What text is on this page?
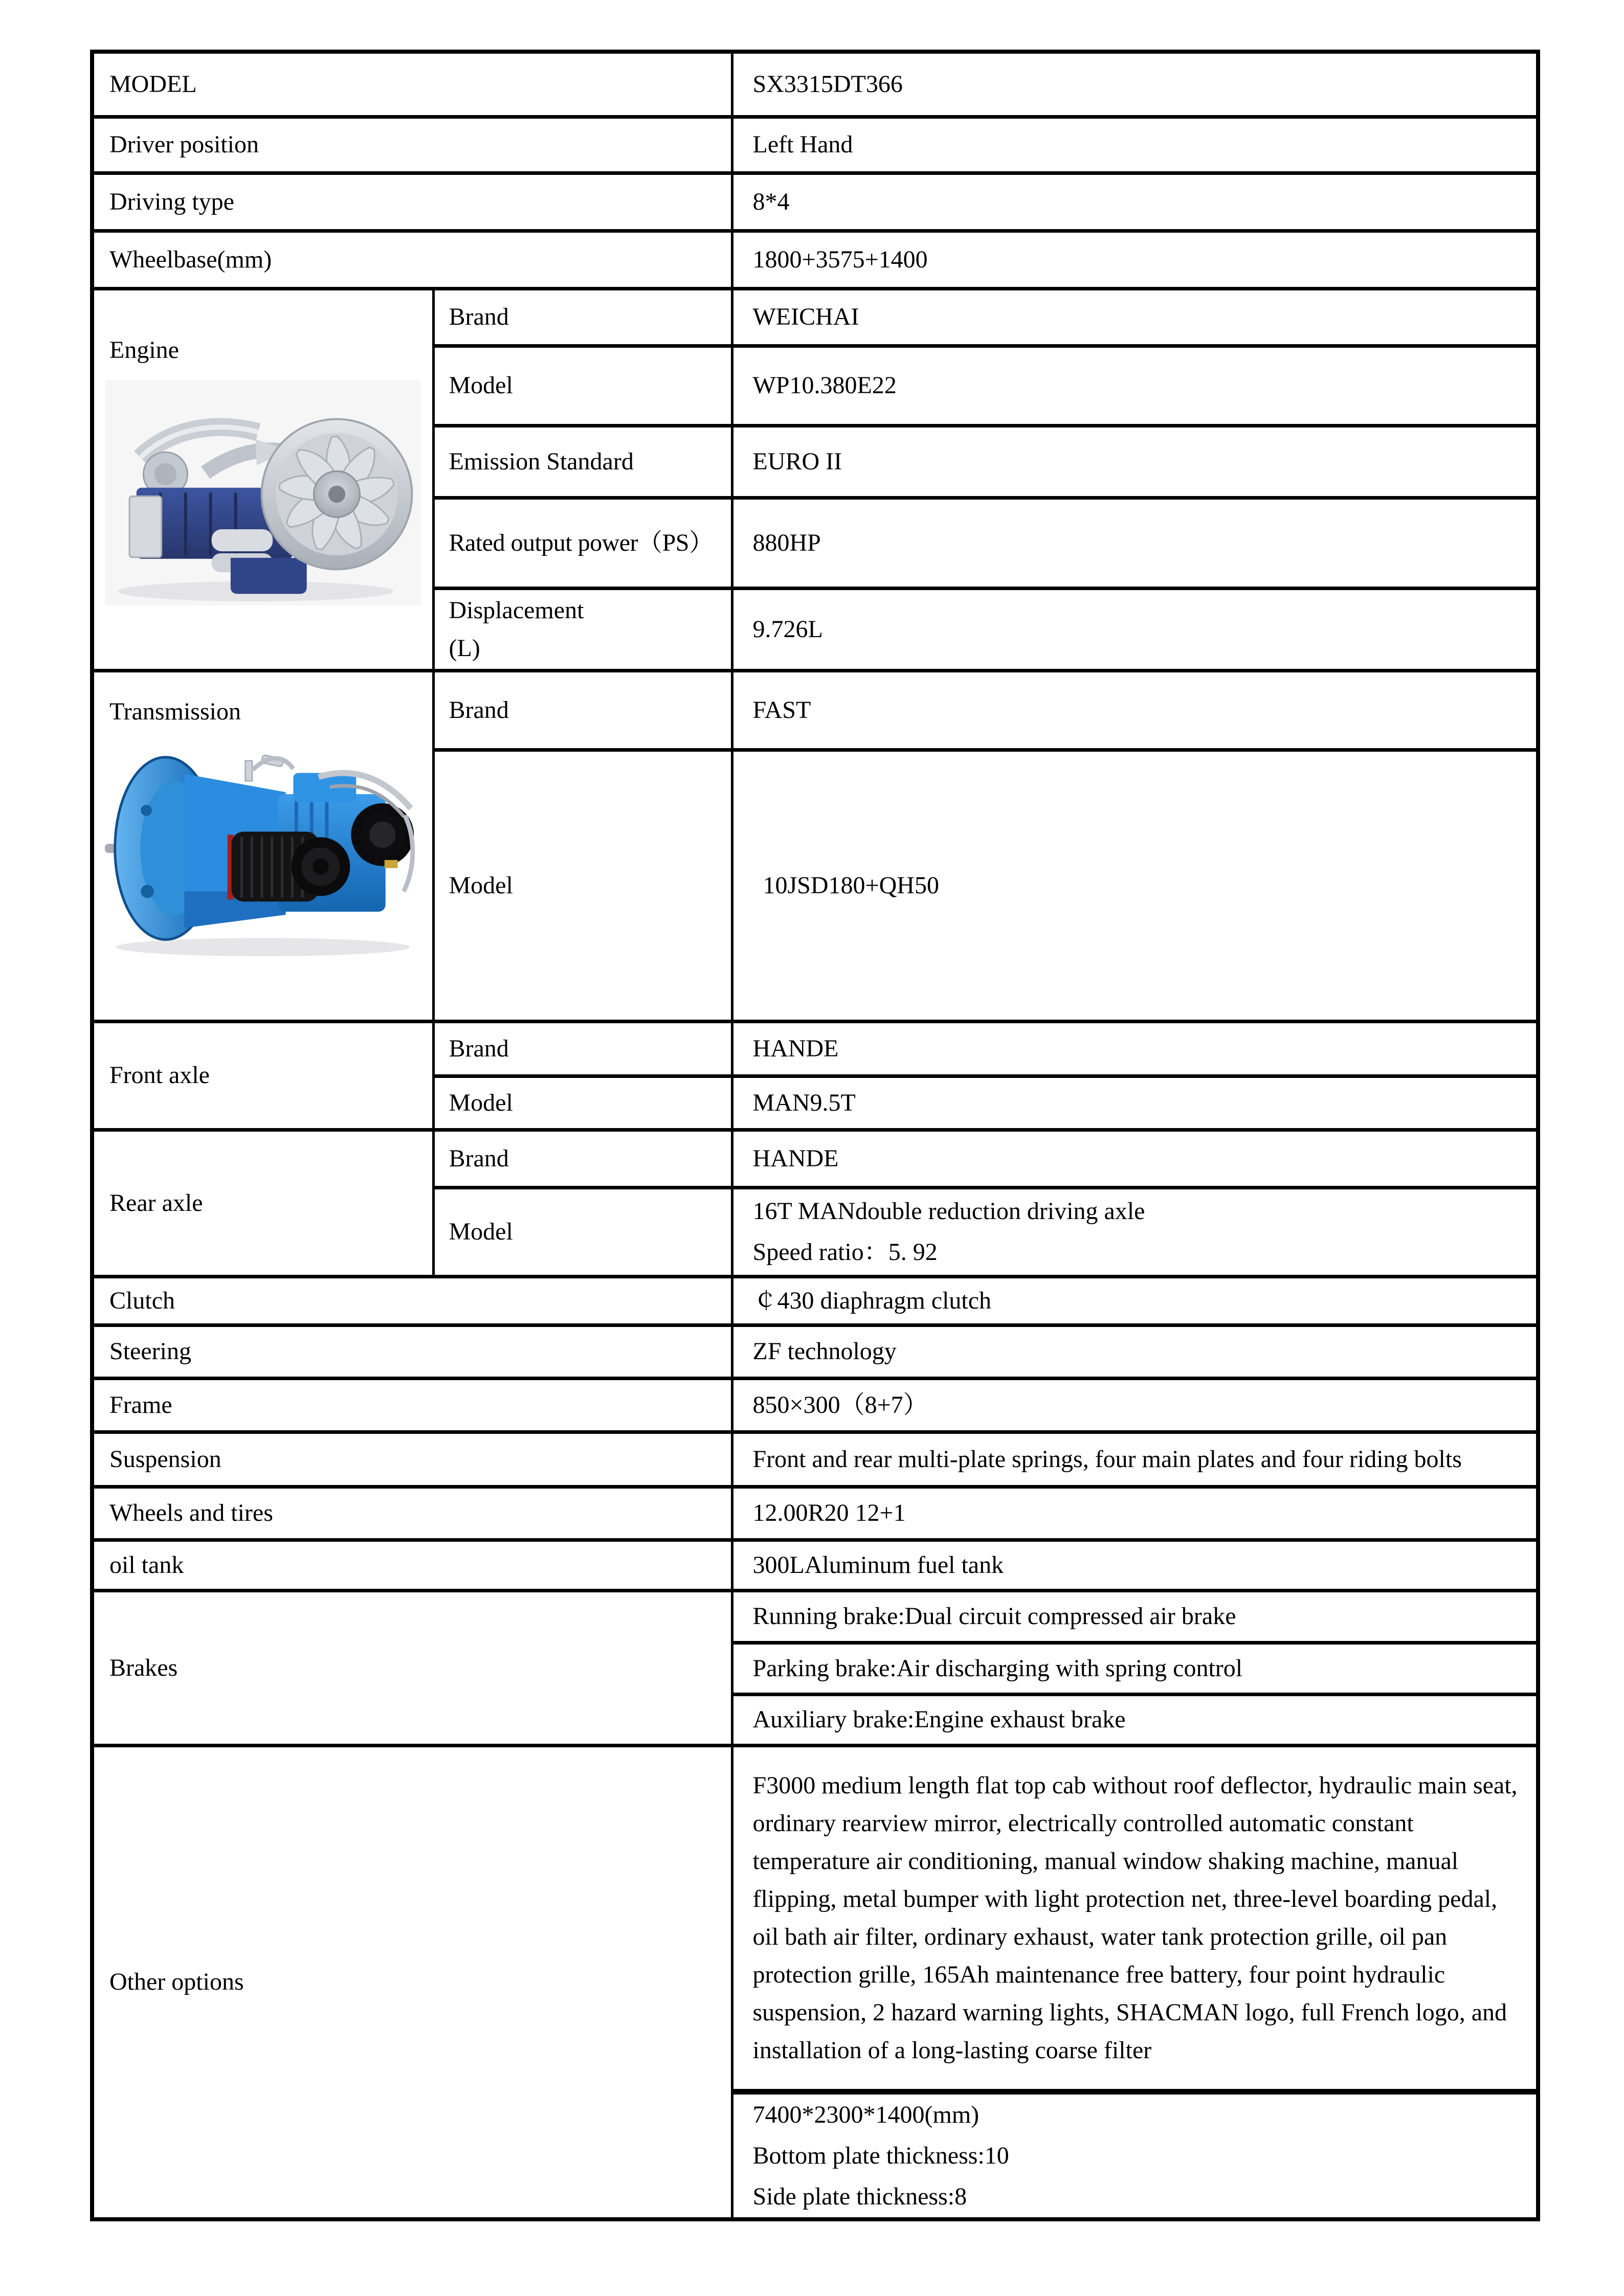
MODEL		SX3315DT366
Driver position		Left Hand
Driving type		8*4
Wheelbase(mm)		1800+3575+1400

Engine	Brand	WEICHAI
	Model	WP10.380E22
	Emission Standard	EURO II
	Rated output power（PS）	880HP

	Displacement
(L)	9.726L

Transmission	Brand	FAST
	Model	10JSD180+QH50
Front axle	Brand	HANDE
	Model	MAN9.5T
Rear axle	Brand	HANDE
	Model	16T MANdouble reduction driving axle
Speed ratio：5. 92

Clutch		￠430 diaphragm clutch
Steering		ZF technology
Frame		850×300（8+7）
Suspension		Front and rear multi-plate springs, four main plates and four riding bolts
Wheels and tires		12.00R20 12+1
oil tank		300LAluminum fuel tank
Brakes		Running brake:Dual circuit compressed air brake
		Parking brake:Air discharging with spring control
		Auxiliary brake:Engine exhaust brake
Other options		F3000 medium length flat top cab without roof deflector, hydraulic main seat, ordinary rearview mirror, electrically controlled automatic constant temperature air conditioning, manual window shaking machine, manual flipping, metal bumper with light protection net, three-level boarding pedal, oil bath air filter, ordinary exhaust, water tank protection grille, oil pan protection grille, 165Ah maintenance free battery, four point hydraulic suspension, 2 hazard warning lights, SHACMAN logo, full French logo, and installation of a long-lasting coarse filter

		7400*2300*1400(mm)
Bottom plate thickness:10
Side plate thickness:8
